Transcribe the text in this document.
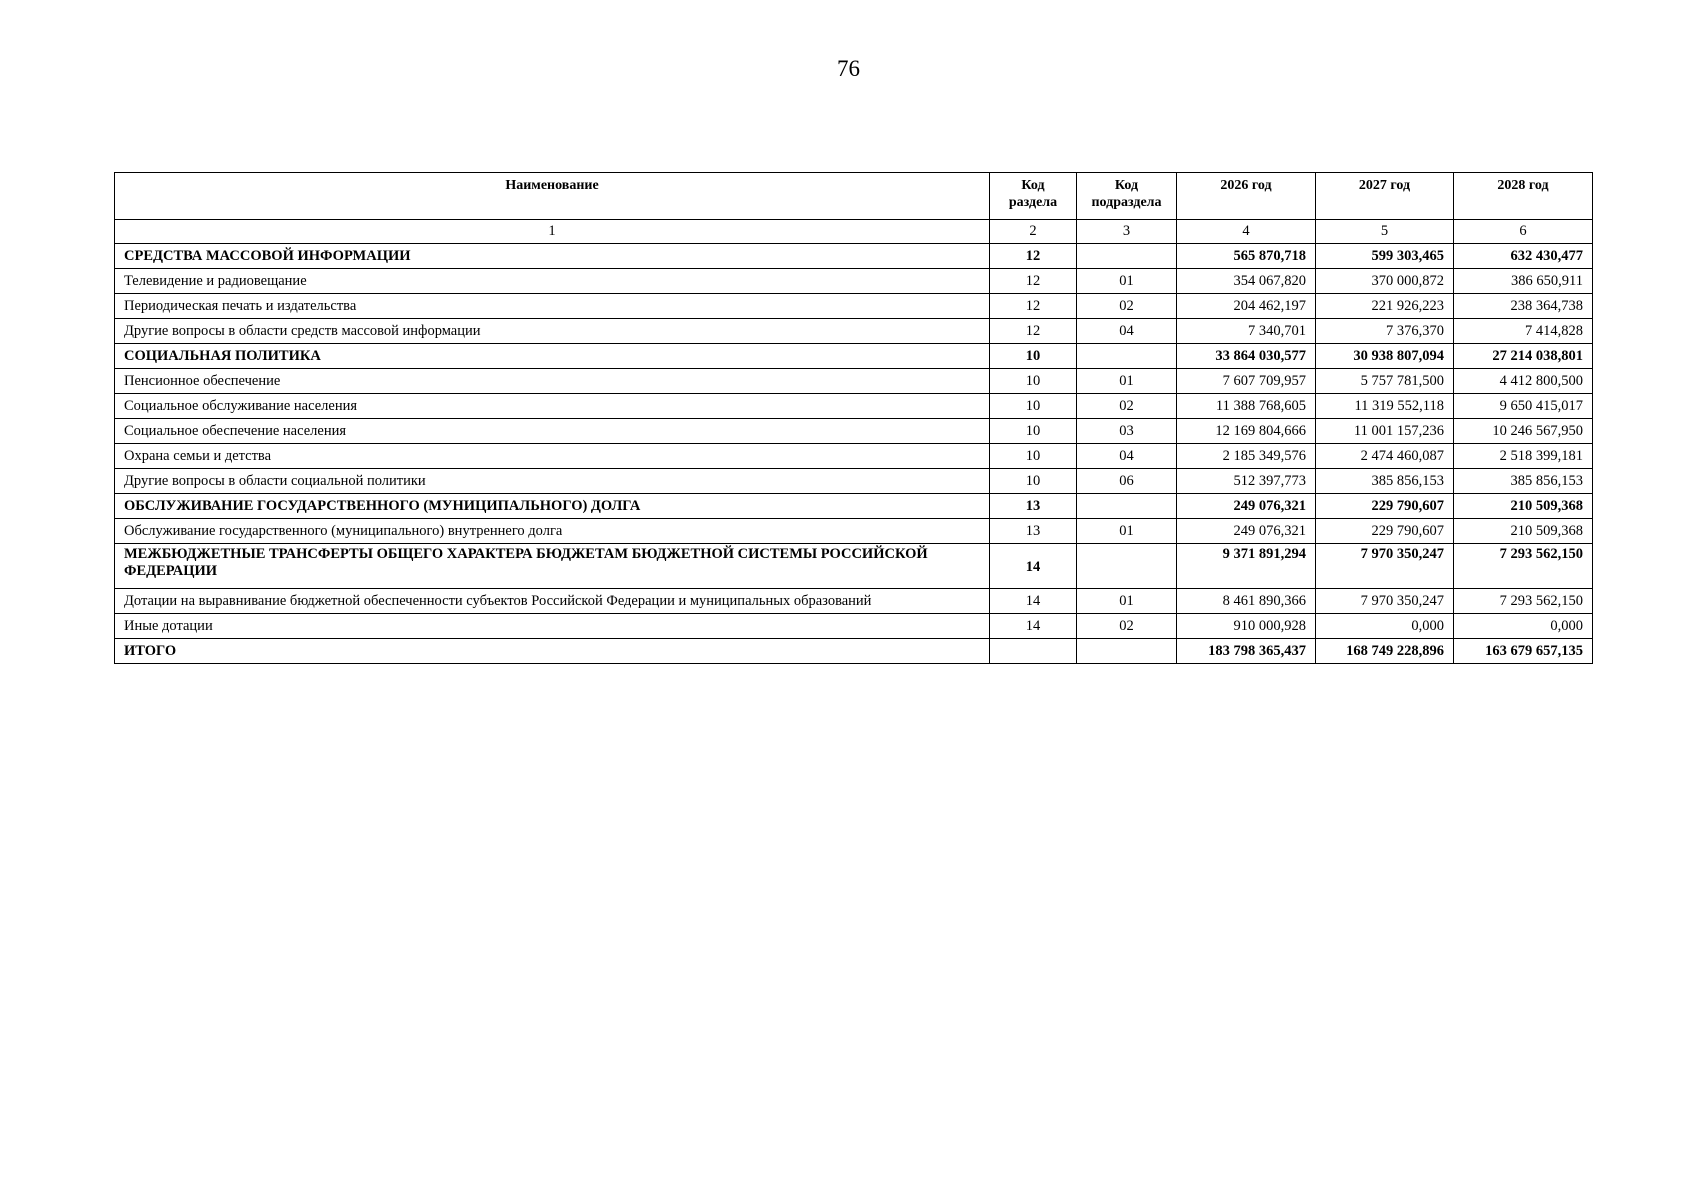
76
Наименование	Код раздела	Код подраздела	2026 год	2027 год	2028 год
1	2	3	4	5	6
СРЕДСТВА МАССОВОЙ ИНФОРМАЦИИ	12		565 870,718	599 303,465	632 430,477
Телевидение и радиовещание	12	01	354 067,820	370 000,872	386 650,911
Периодическая печать и издательства	12	02	204 462,197	221 926,223	238 364,738
Другие вопросы в области средств массовой информации	12	04	7 340,701	7 376,370	7 414,828
СОЦИАЛЬНАЯ ПОЛИТИКА	10		33 864 030,577	30 938 807,094	27 214 038,801
Пенсионное обеспечение	10	01	7 607 709,957	5 757 781,500	4 412 800,500
Социальное обслуживание населения	10	02	11 388 768,605	11 319 552,118	9 650 415,017
Социальное обеспечение населения	10	03	12 169 804,666	11 001 157,236	10 246 567,950
Охрана семьи и детства	10	04	2 185 349,576	2 474 460,087	2 518 399,181
Другие вопросы в области социальной политики	10	06	512 397,773	385 856,153	385 856,153
ОБСЛУЖИВАНИЕ ГОСУДАРСТВЕННОГО (МУНИЦИПАЛЬНОГО) ДОЛГА	13		249 076,321	229 790,607	210 509,368
Обслуживание государственного (муниципального) внутреннего долга	13	01	249 076,321	229 790,607	210 509,368
МЕЖБЮДЖЕТНЫЕ ТРАНСФЕРТЫ ОБЩЕГО ХАРАКТЕРА БЮДЖЕТАМ БЮДЖЕТНОЙ СИСТЕМЫ РОССИЙСКОЙ ФЕДЕРАЦИИ	14		9 371 891,294	7 970 350,247	7 293 562,150
Дотации на выравнивание бюджетной обеспеченности субъектов Российской Федерации и муниципальных образований	14	01	8 461 890,366	7 970 350,247	7 293 562,150
Иные дотации	14	02	910 000,928	0,000	0,000
ИТОГО			183 798 365,437	168 749 228,896	163 679 657,135
